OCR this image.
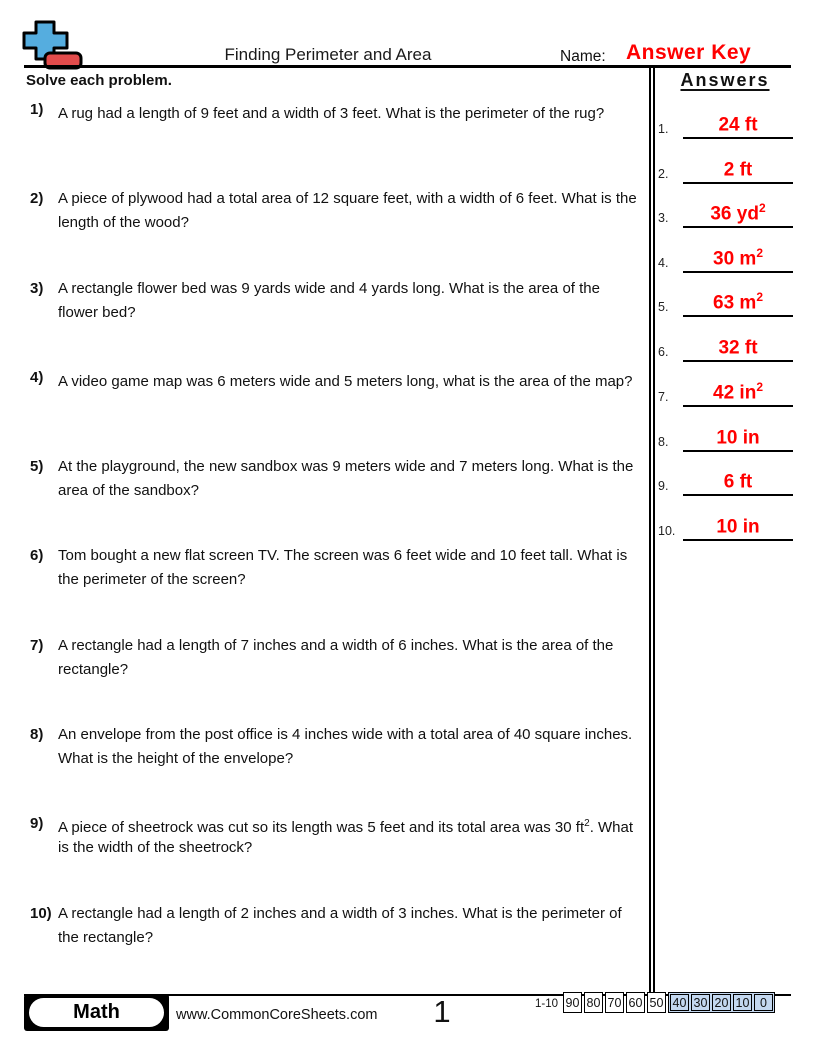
Finding Perimeter and Area	Name: Answer Key
Solve each problem.
1) A rug had a length of 9 feet and a width of 3 feet. What is the perimeter of the rug?
2) A piece of plywood had a total area of 12 square feet, with a width of 6 feet. What is the length of the wood?
3) A rectangle flower bed was 9 yards wide and 4 yards long. What is the area of the flower bed?
4) A video game map was 6 meters wide and 5 meters long, what is the area of the map?
5) At the playground, the new sandbox was 9 meters wide and 7 meters long. What is the area of the sandbox?
6) Tom bought a new flat screen TV. The screen was 6 feet wide and 10 feet tall. What is the perimeter of the screen?
7) A rectangle had a length of 7 inches and a width of 6 inches. What is the area of the rectangle?
8) An envelope from the post office is 4 inches wide with a total area of 40 square inches. What is the height of the envelope?
9) A piece of sheetrock was cut so its length was 5 feet and its total area was 30 $ft^2$. What is the width of the sheetrock?
10) A rectangle had a length of 2 inches and a width of 3 inches. What is the perimeter of the rectangle?
Answers
1.	24 ft
2.	2 ft
3.	36 $yd^2$
4.	30 $m^2$
5.	63 $m^2$
6.	32 ft
7.	42 $in^2$
8.	10 in
9.	6 ft
10.	10 in
Math	www.CommonCoreSheets.com	1	1-10 90 80 70 60 50 40 30 20 10 0
